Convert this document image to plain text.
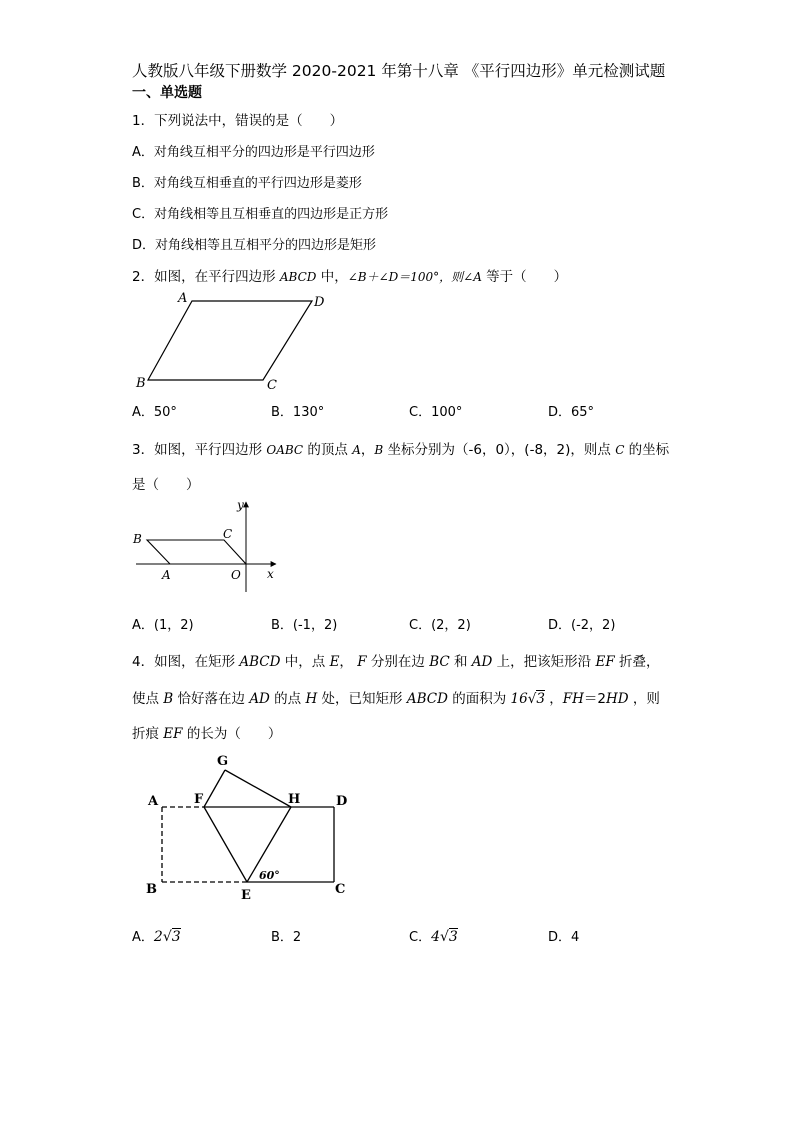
人教版八年级下册数学 2020-2021 年第十八章 《平行四边形》单元检测试题
一、单选题
1．下列说法中，错误的是（　　）
A．对角线互相平分的四边形是平行四边形
B．对角线互相垂直的平行四边形是菱形
C．对角线相等且互相垂直的四边形是正方形
D．对角线相等且互相平分的四边形是矩形
2．如图，在平行四边形 ABCD 中，∠B＋∠D＝100°，则∠A 等于（　　）
A	D
B	C
A．50°	B．130°	C．100°	D．65°
3．如图，平行四边形 OABC 的顶点 A，B 坐标分别为（-6，0），(-8，2)，则点 C 的坐标
是（　　）
y
x
B	C
A	O
A．(1，2)	B．(-1，2)	C．(2，2)	D．(-2，2)
4．如图，在矩形 ABCD 中，点 E， F 分别在边 BC 和 AD 上，把该矩形沿 EF 折叠，
使点 B 恰好落在边 AD 的点 H 处，已知矩形 ABCD 的面积为 16√3 ，FH＝2HD ，则
折痕 EF 的长为（　　）
G
A	F	H	D
B	E	C
60°
A．2√3	B．2	C．4√3	D．4
